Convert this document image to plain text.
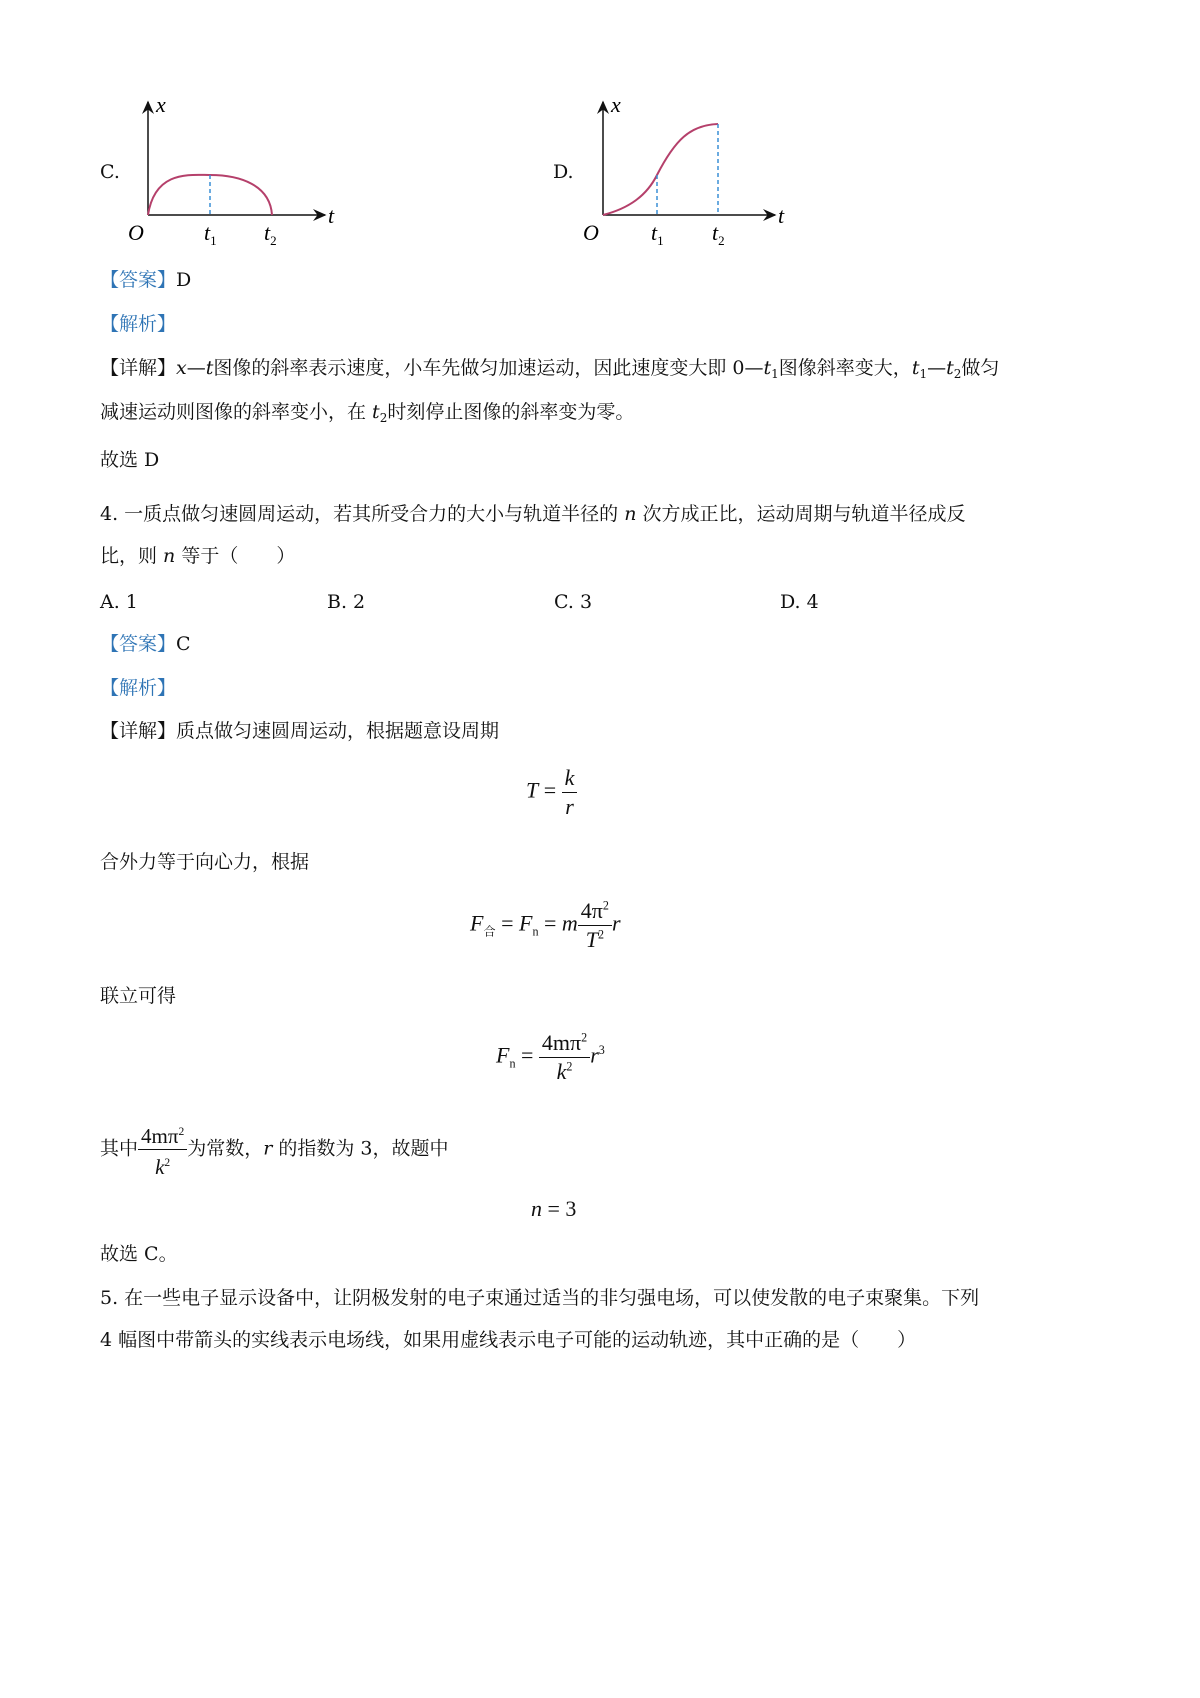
C.
x
t
O	$t_1$ $t_2$
D.
x
t
O $t_1$ $t_2$
【答案】D
【解析】
【详解】x—t图像的斜率表示速度，小车先做匀加速运动，因此速度变大即 $0—t_1$图像斜率变大，$t_1—t_2$做匀
减速运动则图像的斜率变小，在 $t_2$时刻停止图像的斜率变为零。
故选 D
4. 一质点做匀速圆周运动，若其所受合力的大小与轨道半径的 n 次方成正比，运动周期与轨道半径成反
比，则 n 等于（　　）
A. 1	B. 2	C. 3	D. 4
【答案】C
【解析】
【详解】质点做匀速圆周运动，根据题意设周期
$T = \frac{k}{r}$
合外力等于向心力，根据
$F_合 = F_n = m \frac{4\pi^2}{T^2}$ r
联立可得
$F_n = \frac{4m\pi^2}{k^2} r^3$
其中 $\frac{4m\pi^2}{k^2}$ 为常数，r 的指数为 3，故题中
n = 3
故选 C。
5. 在一些电子显示设备中，让阴极发射的电子束通过适当的非匀强电场，可以使发散的电子束聚集。下列
4 幅图中带箭头的实线表示电场线，如果用虚线表示电子可能的运动轨迹，其中正确的是（　　）
